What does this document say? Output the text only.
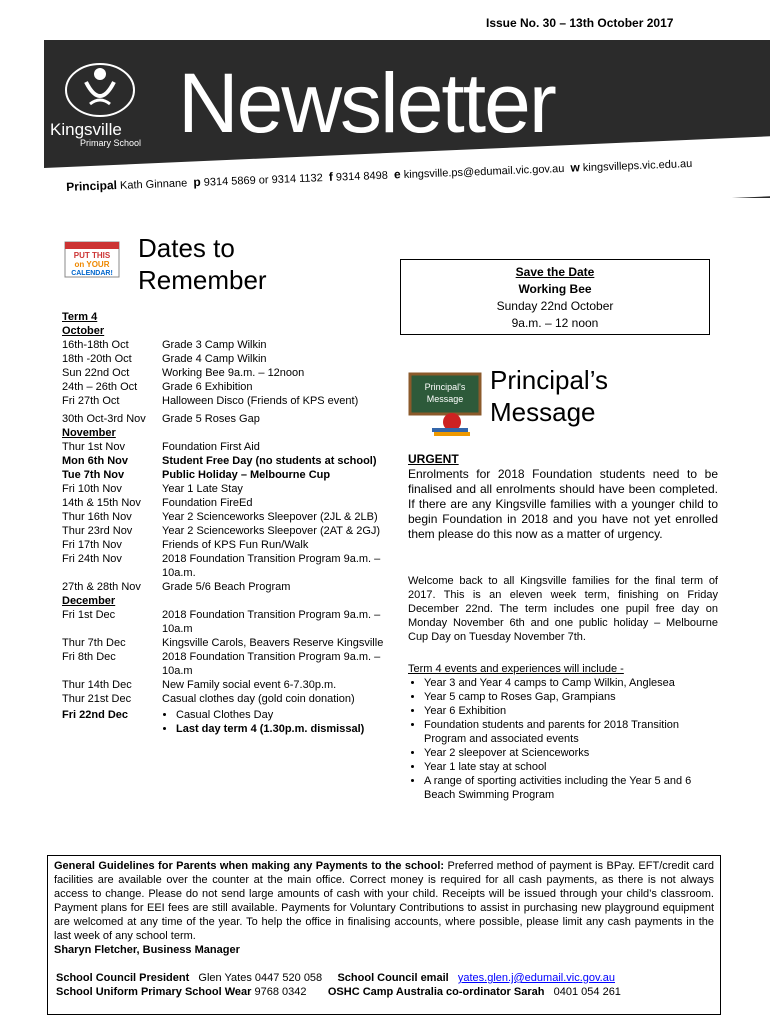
Issue No. 30 – 13th October 2017
Kingsville
Primary School Newsletter
Principal Kath Ginnane p 9314 5869 or 9314 1132 f 9314 8498 e kingsville.ps@edumail.vic.gov.au w kingsvilleps.vic.edu.au
PUT THIS
on YOUR
CALENDAR!
Dates to Remember
Term 4
October
16th-18th Oct	Grade 3 Camp Wilkin
18th -20th Oct	Grade 4 Camp Wilkin
Sun 22nd Oct	Working Bee 9a.m. – 12noon
24th – 26th Oct	Grade 6 Exhibition
Fri 27th Oct	Halloween Disco (Friends of KPS event)
30th Oct-3rd Nov	Grade 5 Roses Gap
November
Thur 1st Nov	Foundation First Aid
Mon 6th Nov	Student Free Day (no students at school)
Tue 7th Nov	Public Holiday – Melbourne Cup
Fri 10th Nov	Year 1 Late Stay
14th & 15th Nov	Foundation FireEd
Thur 16th Nov	Year 2 Scienceworks Sleepover (2JL & 2LB)
Thur 23rd Nov	Year 2 Scienceworks Sleepover (2AT & 2GJ)
Fri 17th Nov	Friends of KPS Fun Run/Walk
Fri 24th Nov	2018 Foundation Transition Program 9a.m. – 10a.m.
27th & 28th Nov	Grade 5/6 Beach Program
December
Fri 1st Dec	2018 Foundation Transition Program 9a.m. – 10a.m
Thur 7th Dec	Kingsville Carols, Beavers Reserve Kingsville
Fri 8th Dec	2018 Foundation Transition Program 9a.m. – 10a.m
Thur 14th Dec	New Family social event 6-7.30p.m.
Thur 21st Dec	Casual clothes day (gold coin donation)
Fri 22nd Dec
•	Casual Clothes Day
• Last day term 4 (1.30p.m. dismissal)
Save the Date
Working Bee
Sunday 22nd October
9a.m. – 12 noon
Principal's
Message
Principal’s Message

URGENT

Enrolments for 2018 Foundation students need to be finalised and all enrolments should have been completed. If there are any Kingsville families with a younger child to begin Foundation in 2018 and you have not yet enrolled them please do this now as a matter of urgency.

Welcome back to all Kingsville families for the final term of 2017. This is an eleven week term, finishing on Friday December 22nd. The term includes one pupil free day on Monday November 6th and one public holiday – Melbourne Cup Day on Tuesday November 7th.

Term 4 events and experiences will include -

• Year 3 and Year 4 camps to Camp Wilkin, Anglesea
• Year 5 camp to Roses Gap, Grampians
• Year 6 Exhibition
• Foundation students and parents for 2018 Transition Program and associated events
• Year 2 sleepover at Scienceworks
• Year 1 late stay at school
• A range of sporting activities including the Year 5 and 6 Beach Swimming Program
General Guidelines for Parents when making any Payments to the school: Preferred method of payment is BPay. EFT/credit card facilities are available over the counter at the main office. Correct money is required for all cash payments, as there is not always access to change. Please do not send large amounts of cash with your child. Receipts will be issued through your child’s classroom. Payment plans for EEI fees are still available. Payments for Voluntary Contributions to assist in purchasing new playground equipment are welcomed at any time of the year. To help the office in finalising accounts, where possible, please limit any cash payments in the last week of any school term.
Sharyn Fletcher, Business Manager
School Council President Glen Yates 0447 520 058 School Council email yates.glen.j@edumail.vic.gov.au
School Uniform Primary School Wear 9768 0342 OSHC Camp Australia co-ordinator Sarah 0401 054 261
